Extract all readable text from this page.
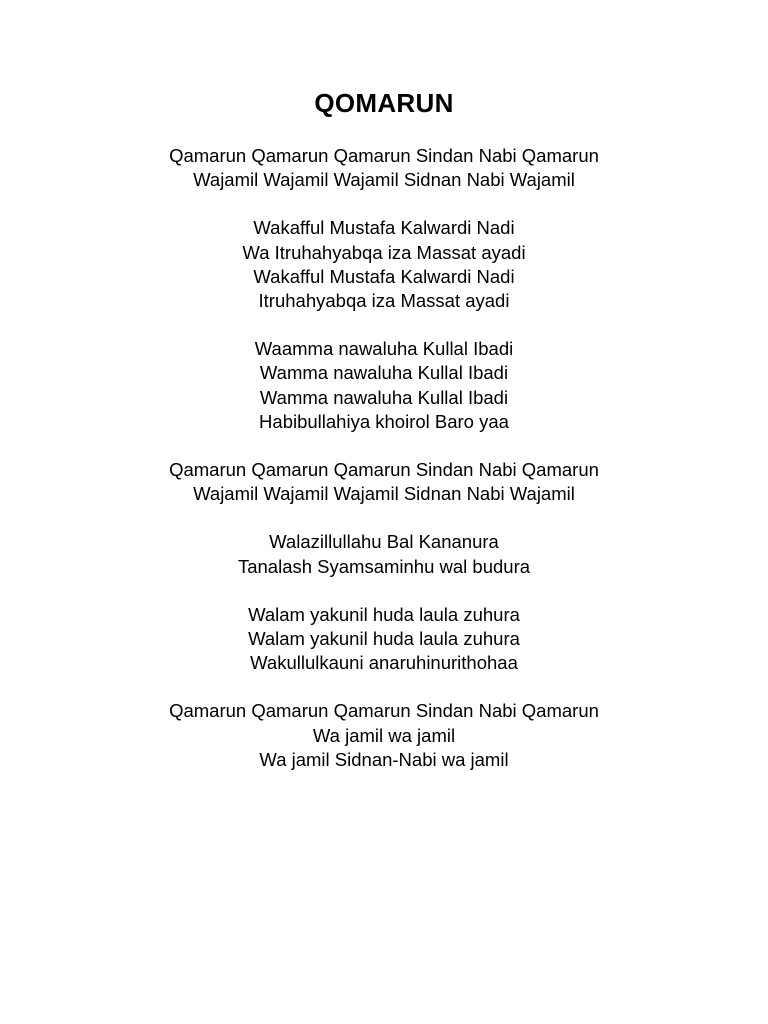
QOMARUN
Qamarun Qamarun Qamarun Sindan Nabi Qamarun
Wajamil Wajamil Wajamil Sidnan Nabi Wajamil
Wakafful Mustafa Kalwardi Nadi
Wa Itruhahyabqa iza Massat ayadi
Wakafful Mustafa Kalwardi Nadi
Itruhahyabqa iza Massat ayadi
Waamma nawaluha Kullal Ibadi
Wamma nawaluha Kullal Ibadi
Wamma nawaluha Kullal Ibadi
Habibullahiya khoirol Baro yaa
Qamarun Qamarun Qamarun Sindan Nabi Qamarun
Wajamil Wajamil Wajamil Sidnan Nabi Wajamil
Walazillullahu Bal Kananura
Tanalash Syamsaminhu wal budura
Walam yakunil huda laula zuhura
Walam yakunil huda laula zuhura
Wakullulkauni anaruhinurithohaa
Qamarun Qamarun Qamarun Sindan Nabi Qamarun
Wa jamil wa jamil
Wa jamil Sidnan-Nabi wa jamil
